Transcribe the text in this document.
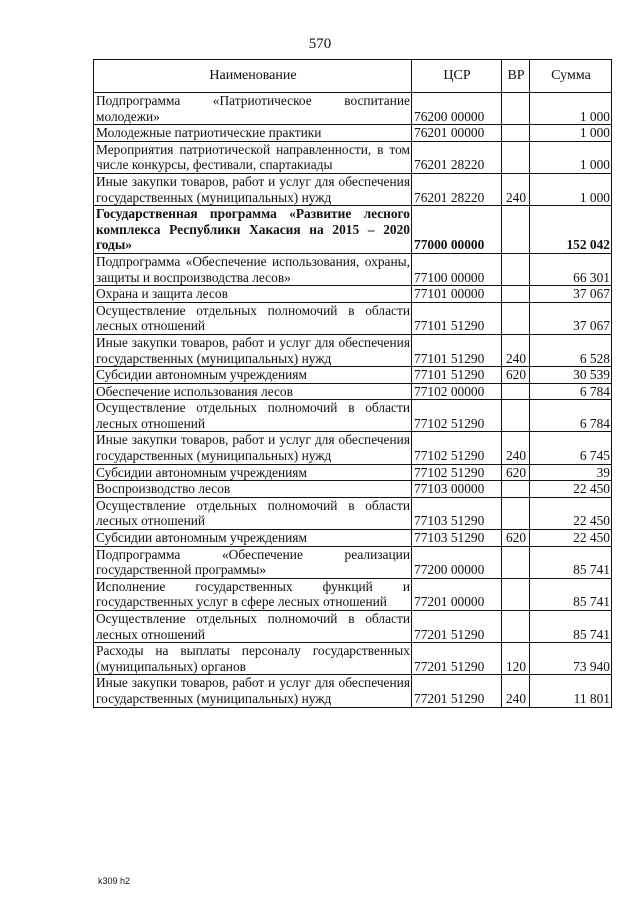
570
Наименование	ЦСР	ВР	Сумма
Подпрограмма «Патриотическое воспитание молодежи»	76200 00000		1 000
Молодежные патриотические практики	76201 00000		1 000
Мероприятия патриотической направленности, в том числе конкурсы, фестивали, спартакиады	76201 28220		1 000
Иные закупки товаров, работ и услуг для обеспечения государственных (муниципальных) нужд	76201 28220	240	1 000
Государственная программа «Развитие лесного комплекса Республики Хакасия на 2015 – 2020 годы»	77000 00000		152 042
Подпрограмма «Обеспечение использования, охраны, защиты и воспроизводства лесов»	77100 00000		66 301
Охрана и защита лесов	77101 00000		37 067
Осуществление отдельных полномочий в области лесных отношений	77101 51290		37 067
Иные закупки товаров, работ и услуг для обеспечения государственных (муниципальных) нужд	77101 51290	240	6 528
Субсидии автономным учреждениям	77101 51290	620	30 539
Обеспечение использования лесов	77102 00000		6 784
Осуществление отдельных полномочий в области лесных отношений	77102 51290		6 784
Иные закупки товаров, работ и услуг для обеспечения государственных (муниципальных) нужд	77102 51290	240	6 745
Субсидии автономным учреждениям	77102 51290	620	39
Воспроизводство лесов	77103 00000		22 450
Осуществление отдельных полномочий в области лесных отношений	77103 51290		22 450
Субсидии автономным учреждениям	77103 51290	620	22 450
Подпрограмма «Обеспечение реализации государственной программы»	77200 00000		85 741
Исполнение государственных функций и государственных услуг в сфере лесных отношений	77201 00000		85 741
Осуществление отдельных полномочий в области лесных отношений	77201 51290		85 741
Расходы на выплаты персоналу государственных (муниципальных) органов	77201 51290	120	73 940
Иные закупки товаров, работ и услуг для обеспечения государственных (муниципальных) нужд	77201 51290	240	11 801
k309 h2
